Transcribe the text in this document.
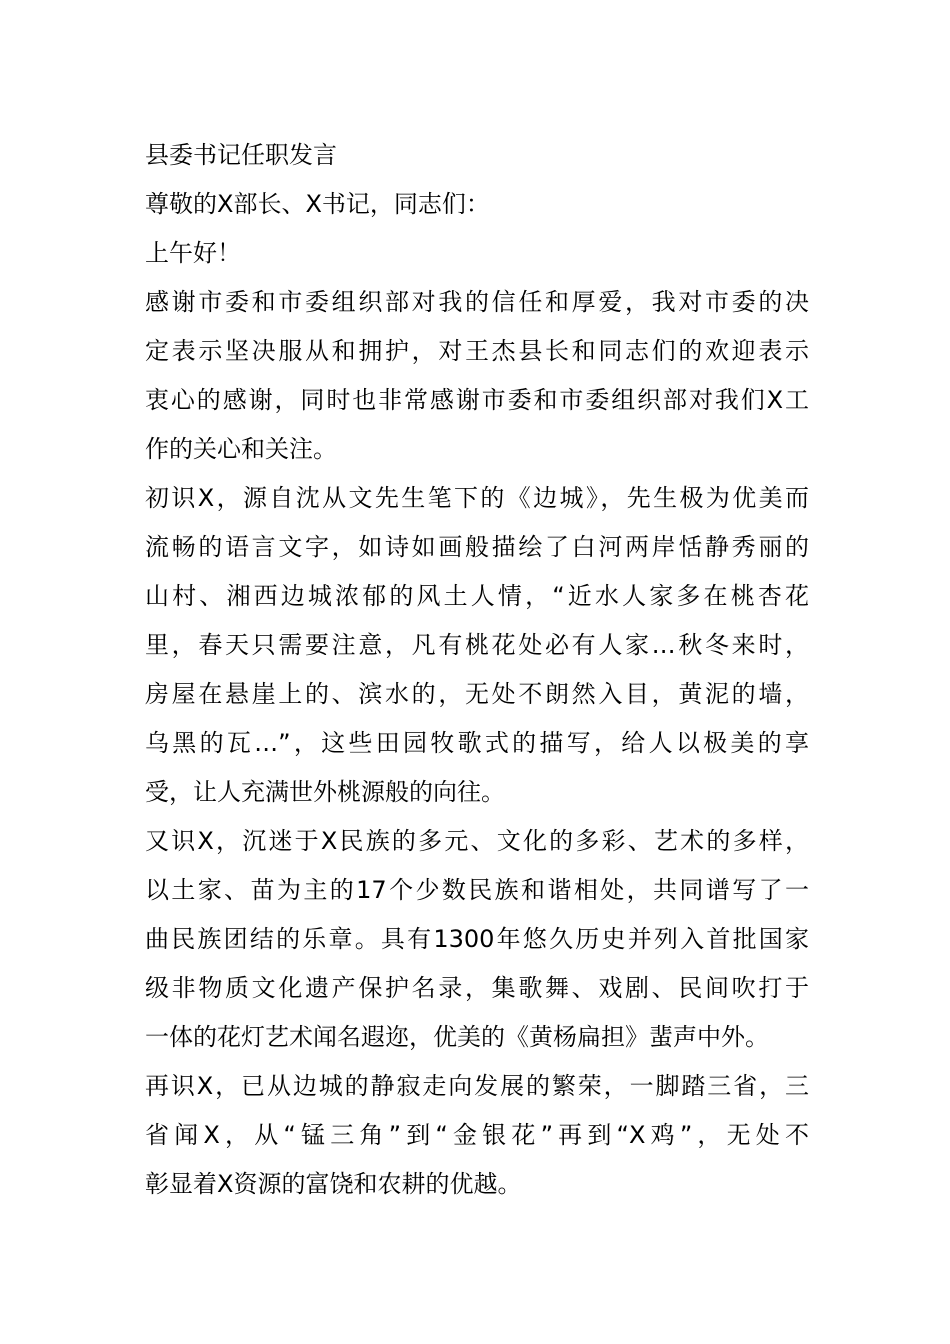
县委书记任职发言
尊敬的X部长、X书记，同志们：
上午好！
感谢市委和市委组织部对我的信任和厚爱，我对市委的决
定表示坚决服从和拥护，对王杰县长和同志们的欢迎表示
衷心的感谢，同时也非常感谢市委和市委组织部对我们X工
作的关心和关注。
初识X，源自沈从文先生笔下的《边城》，先生极为优美而
流畅的语言文字，如诗如画般描绘了白河两岸恬静秀丽的
山村、湘西边城浓郁的风土人情，“近水人家多在桃杏花
里，春天只需要注意，凡有桃花处必有人家…秋冬来时，
房屋在悬崖上的、滨水的，无处不朗然入目，黄泥的墙，
乌黑的瓦…”，这些田园牧歌式的描写，给人以极美的享
受，让人充满世外桃源般的向往。
又识X，沉迷于X民族的多元、文化的多彩、艺术的多样，
以土家、苗为主的17个少数民族和谐相处，共同谱写了一
曲民族团结的乐章。具有1300年悠久历史并列入首批国家
级非物质文化遗产保护名录，集歌舞、戏剧、民间吹打于
一体的花灯艺术闻名遐迩，优美的《黄杨扁担》蜚声中外。
再识X，已从边城的静寂走向发展的繁荣，一脚踏三省，三
省闻X，从“锰三角”到“金银花”再到“X鸡”，无处不
彰显着X资源的富饶和农耕的优越。
